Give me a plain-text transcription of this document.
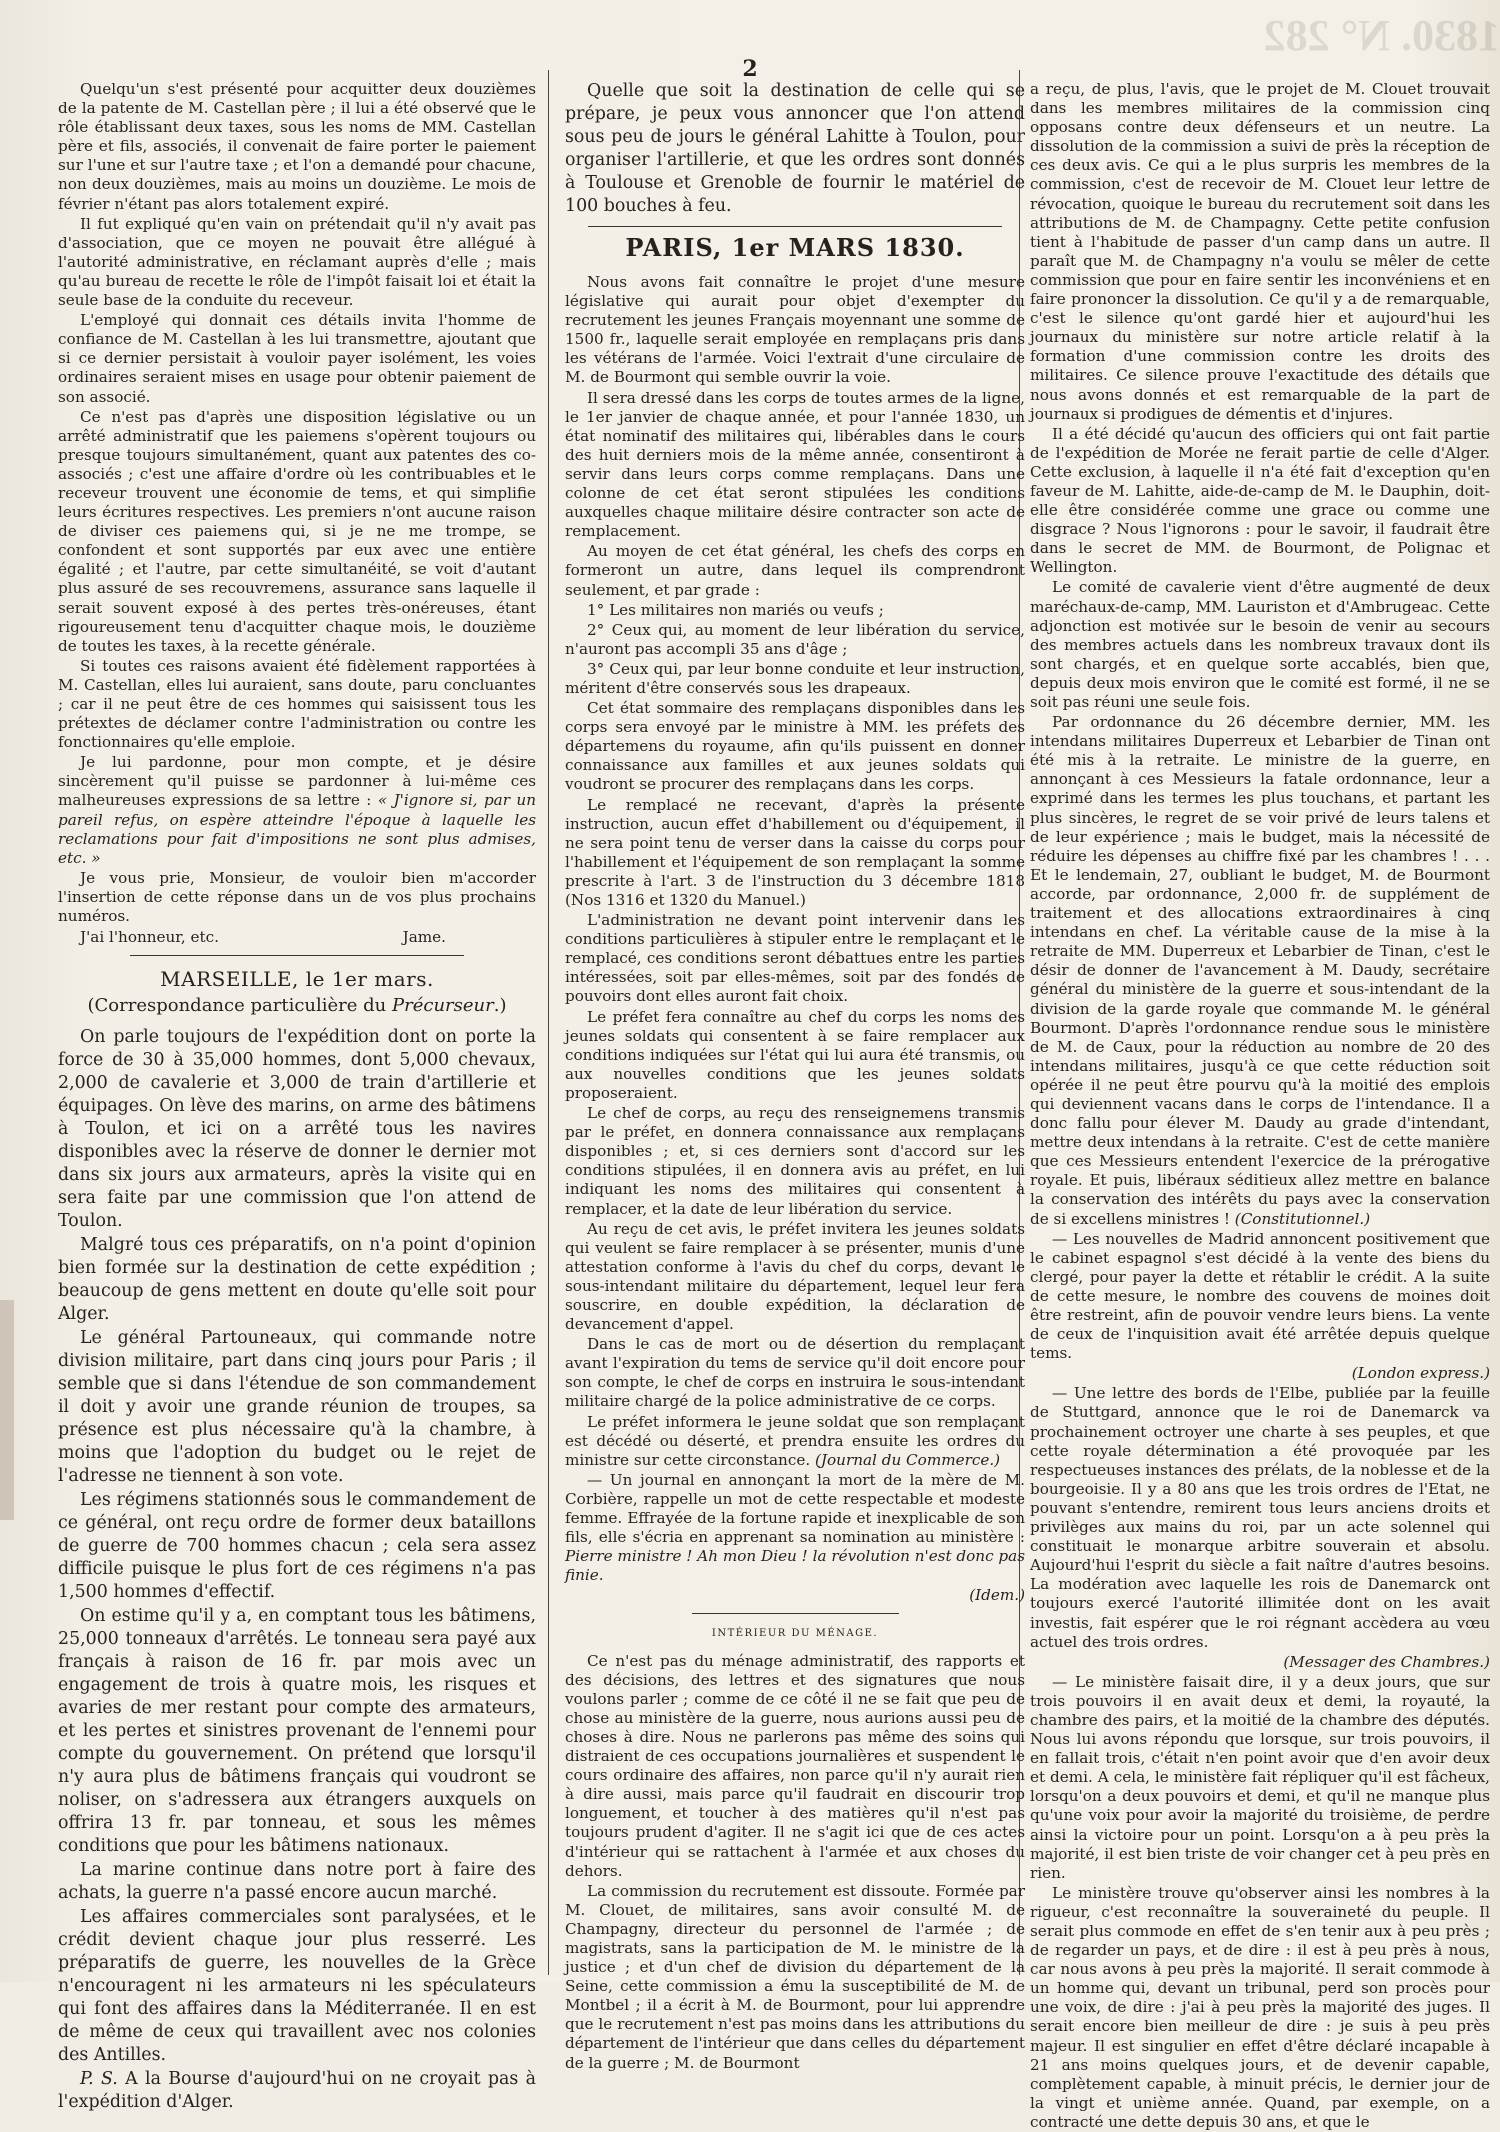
1830. N° 282
2

Quelqu'un s'est présenté pour acquitter deux douzièmes de la patente de M. Castellan père ; il lui a été observé que le rôle établissant deux taxes, sous les noms de MM. Castellan père et fils, associés, il convenait de faire porter le paiement sur l'une et sur l'autre taxe ; et l'on a demandé pour chacune, non deux douzièmes, mais au moins un douzième. Le mois de février n'étant pas alors totalement expiré.

Il fut expliqué qu'en vain on prétendait qu'il n'y avait pas d'association, que ce moyen ne pouvait être allégué à l'autorité administrative, en réclamant auprès d'elle ; mais qu'au bureau de recette le rôle de l'impôt faisait loi et était la seule base de la conduite du receveur.

L'employé qui donnait ces détails invita l'homme de confiance de M. Castellan à les lui transmettre, ajoutant que si ce dernier persistait à vouloir payer isolément, les voies ordinaires seraient mises en usage pour obtenir paiement de son associé.

Ce n'est pas d'après une disposition législative ou un arrêté administratif que les paiemens s'opèrent toujours ou presque toujours simultanément, quant aux patentes des co-associés ; c'est une affaire d'ordre où les contribuables et le receveur trouvent une économie de tems, et qui simplifie leurs écritures respectives. Les premiers n'ont aucune raison de diviser ces paiemens qui, si je ne me trompe, se confondent et sont supportés par eux avec une entière égalité ; et l'autre, par cette simultanéité, se voit d'autant plus assuré de ses recouvremens, assurance sans laquelle il serait souvent exposé à des pertes très-onéreuses, étant rigoureusement tenu d'acquitter chaque mois, le douzième de toutes les taxes, à la recette générale.

Si toutes ces raisons avaient été fidèlement rapportées à M. Castellan, elles lui auraient, sans doute, paru concluantes ; car il ne peut être de ces hommes qui saisissent tous les prétextes de déclamer contre l'administration ou contre les fonctionnaires qu'elle emploie.

Je lui pardonne, pour mon compte, et je désire sincèrement qu'il puisse se pardonner à lui-même ces malheureuses expressions de sa lettre : « J'ignore si, par un pareil refus, on espère atteindre l'époque à laquelle les reclamations pour fait d'impositions ne sont plus admises, etc. »

Je vous prie, Monsieur, de vouloir bien m'accorder l'insertion de cette réponse dans un de vos plus prochains numéros.

Jame.
J'ai l'honneur, etc.

MARSEILLE, le 1er mars.

(Correspondance particulière du Précurseur.)

On parle toujours de l'expédition dont on porte la force de 30 à 35,000 hommes, dont 5,000 chevaux, 2,000 de cavalerie et 3,000 de train d'artillerie et équipages. On lève des marins, on arme des bâtimens à Toulon, et ici on a arrêté tous les navires disponibles avec la réserve de donner le dernier mot dans six jours aux armateurs, après la visite qui en sera faite par une commission que l'on attend de Toulon.

Malgré tous ces préparatifs, on n'a point d'opinion bien formée sur la destination de cette expédition ; beaucoup de gens mettent en doute qu'elle soit pour Alger.

Le général Partouneaux, qui commande notre division militaire, part dans cinq jours pour Paris ; il semble que si dans l'étendue de son commandement il doit y avoir une grande réunion de troupes, sa présence est plus nécessaire qu'à la chambre, à moins que l'adoption du budget ou le rejet de l'adresse ne tiennent à son vote.

Les régimens stationnés sous le commandement de ce général, ont reçu ordre de former deux bataillons de guerre de 700 hommes chacun ; cela sera assez difficile puisque le plus fort de ces régimens n'a pas 1,500 hommes d'effectif.

On estime qu'il y a, en comptant tous les bâtimens, 25,000 tonneaux d'arrêtés. Le tonneau sera payé aux français à raison de 16 fr. par mois avec un engagement de trois à quatre mois, les risques et avaries de mer restant pour compte des armateurs, et les pertes et sinistres provenant de l'ennemi pour compte du gouvernement. On prétend que lorsqu'il n'y aura plus de bâtimens français qui voudront se noliser, on s'adressera aux étrangers auxquels on offrira 13 fr. par tonneau, et sous les mêmes conditions que pour les bâtimens nationaux.

La marine continue dans notre port à faire des achats, la guerre n'a passé encore aucun marché.

Les affaires commerciales sont paralysées, et le crédit devient chaque jour plus resserré. Les préparatifs de guerre, les nouvelles de la Grèce n'encouragent ni les armateurs ni les spéculateurs qui font des affaires dans la Méditerranée. Il en est de même de ceux qui travaillent avec nos colonies des Antilles.

P. S. A la Bourse d'aujourd'hui on ne croyait pas à l'expédition d'Alger.

Quelle que soit la destination de celle qui se prépare, je peux vous annoncer que l'on attend sous peu de jours le général Lahitte à Toulon, pour organiser l'artillerie, et que les ordres sont donnés à Toulouse et Grenoble de fournir le matériel de 100 bouches à feu.

PARIS, 1er MARS 1830.

Nous avons fait connaître le projet d'une mesure législative qui aurait pour objet d'exempter du recrutement les jeunes Français moyennant une somme de 1500 fr., laquelle serait employée en remplaçans pris dans les vétérans de l'armée. Voici l'extrait d'une circulaire de M. de Bourmont qui semble ouvrir la voie.

Il sera dressé dans les corps de toutes armes de la ligne, le 1er janvier de chaque année, et pour l'année 1830, un état nominatif des militaires qui, libérables dans le cours des huit derniers mois de la même année, consentiront à servir dans leurs corps comme remplaçans. Dans une colonne de cet état seront stipulées les conditions auxquelles chaque militaire désire contracter son acte de remplacement.

Au moyen de cet état général, les chefs des corps en formeront un autre, dans lequel ils comprendront seulement, et par grade :

1° Les militaires non mariés ou veufs ;

2° Ceux qui, au moment de leur libération du service, n'auront pas accompli 35 ans d'âge ;

3° Ceux qui, par leur bonne conduite et leur instruction, méritent d'être conservés sous les drapeaux.

Cet état sommaire des remplaçans disponibles dans les corps sera envoyé par le ministre à MM. les préfets des départemens du royaume, afin qu'ils puissent en donner connaissance aux familles et aux jeunes soldats qui voudront se procurer des remplaçans dans les corps.

Le remplacé ne recevant, d'après la présente instruction, aucun effet d'habillement ou d'équipement, il ne sera point tenu de verser dans la caisse du corps pour l'habillement et l'équipement de son remplaçant la somme prescrite à l'art. 3 de l'instruction du 3 décembre 1818 (Nos 1316 et 1320 du Manuel.)

L'administration ne devant point intervenir dans les conditions particulières à stipuler entre le remplaçant et le remplacé, ces conditions seront débattues entre les parties intéressées, soit par elles-mêmes, soit par des fondés de pouvoirs dont elles auront fait choix.

Le préfet fera connaître au chef du corps les noms des jeunes soldats qui consentent à se faire remplacer aux conditions indiquées sur l'état qui lui aura été transmis, ou aux nouvelles conditions que les jeunes soldats proposeraient.

Le chef de corps, au reçu des renseignemens transmis par le préfet, en donnera connaissance aux remplaçans disponibles ; et, si ces derniers sont d'accord sur les conditions stipulées, il en donnera avis au préfet, en lui indiquant les noms des militaires qui consentent à remplacer, et la date de leur libération du service.

Au reçu de cet avis, le préfet invitera les jeunes soldats qui veulent se faire remplacer à se présenter, munis d'une attestation conforme à l'avis du chef du corps, devant le sous-intendant militaire du département, lequel leur fera souscrire, en double expédition, la déclaration de devancement d'appel.

Dans le cas de mort ou de désertion du remplaçant avant l'expiration du tems de service qu'il doit encore pour son compte, le chef de corps en instruira le sous-intendant militaire chargé de la police administrative de ce corps.

Le préfet informera le jeune soldat que son remplaçant est décédé ou déserté, et prendra ensuite les ordres du ministre sur cette circonstance. (Journal du Commerce.)

— Un journal en annonçant la mort de la mère de M. Corbière, rappelle un mot de cette respectable et modeste femme. Effrayée de la fortune rapide et inexplicable de son fils, elle s'écria en apprenant sa nomination au ministère : Pierre ministre ! Ah mon Dieu ! la révolution n'est donc pas finie.

(Idem.)

INTÉRIEUR DU MÉNAGE.

Ce n'est pas du ménage administratif, des rapports et des décisions, des lettres et des signatures que nous voulons parler ; comme de ce côté il ne se fait que peu de chose au ministère de la guerre, nous aurions aussi peu de choses à dire. Nous ne parlerons pas même des soins qui distraient de ces occupations journalières et suspendent le cours ordinaire des affaires, non parce qu'il n'y aurait rien à dire aussi, mais parce qu'il faudrait en discourir trop longuement, et toucher à des matières qu'il n'est pas toujours prudent d'agiter. Il ne s'agit ici que de ces actes d'intérieur qui se rattachent à l'armée et aux choses du dehors.

La commission du recrutement est dissoute. Formée par M. Clouet, de militaires, sans avoir consulté M. de Champagny, directeur du personnel de l'armée ; de magistrats, sans la participation de M. le ministre de la justice ; et d'un chef de division du département de la Seine, cette commission a ému la susceptibilité de M. de Montbel ; il a écrit à M. de Bourmont, pour lui apprendre que le recrutement n'est pas moins dans les attributions du département de l'intérieur que dans celles du département de la guerre ; M. de Bourmont

a reçu, de plus, l'avis, que le projet de M. Clouet trouvait dans les membres militaires de la commission cinq opposans contre deux défenseurs et un neutre. La dissolution de la commission a suivi de près la réception de ces deux avis. Ce qui a le plus surpris les membres de la commission, c'est de recevoir de M. Clouet leur lettre de révocation, quoique le bureau du recrutement soit dans les attributions de M. de Champagny. Cette petite confusion tient à l'habitude de passer d'un camp dans un autre. Il paraît que M. de Champagny n'a voulu se mêler de cette commission que pour en faire sentir les inconvéniens et en faire prononcer la dissolution. Ce qu'il y a de remarquable, c'est le silence qu'ont gardé hier et aujourd'hui les journaux du ministère sur notre article relatif à la formation d'une commission contre les droits des militaires. Ce silence prouve l'exactitude des détails que nous avons donnés et est remarquable de la part de journaux si prodigues de démentis et d'injures.

Il a été décidé qu'aucun des officiers qui ont fait partie de l'expédition de Morée ne ferait partie de celle d'Alger. Cette exclusion, à laquelle il n'a été fait d'exception qu'en faveur de M. Lahitte, aide-de-camp de M. le Dauphin, doit-elle être considérée comme une grace ou comme une disgrace ? Nous l'ignorons : pour le savoir, il faudrait être dans le secret de MM. de Bourmont, de Polignac et Wellington.

Le comité de cavalerie vient d'être augmenté de deux maréchaux-de-camp, MM. Lauriston et d'Ambrugeac. Cette adjonction est motivée sur le besoin de venir au secours des membres actuels dans les nombreux travaux dont ils sont chargés, et en quelque sorte accablés, bien que, depuis deux mois environ que le comité est formé, il ne se soit pas réuni une seule fois.

Par ordonnance du 26 décembre dernier, MM. les intendans militaires Duperreux et Lebarbier de Tinan ont été mis à la retraite. Le ministre de la guerre, en annonçant à ces Messieurs la fatale ordonnance, leur a exprimé dans les termes les plus touchans, et partant les plus sincères, le regret de se voir privé de leurs talens et de leur expérience ; mais le budget, mais la nécessité de réduire les dépenses au chiffre fixé par les chambres ! . . . Et le lendemain, 27, oubliant le budget, M. de Bourmont accorde, par ordonnance, 2,000 fr. de supplément de traitement et des allocations extraordinaires à cinq intendans en chef. La véritable cause de la mise à la retraite de MM. Duperreux et Lebarbier de Tinan, c'est le désir de donner de l'avancement à M. Daudy, secrétaire général du ministère de la guerre et sous-intendant de la division de la garde royale que commande M. le général Bourmont. D'après l'ordonnance rendue sous le ministère de M. de Caux, pour la réduction au nombre de 20 des intendans militaires, jusqu'à ce que cette réduction soit opérée il ne peut être pourvu qu'à la moitié des emplois qui deviennent vacans dans le corps de l'intendance. Il a donc fallu pour élever M. Daudy au grade d'intendant, mettre deux intendans à la retraite. C'est de cette manière que ces Messieurs entendent l'exercice de la prérogative royale. Et puis, libéraux séditieux allez mettre en balance la conservation des intérêts du pays avec la conservation de si excellens ministres ! (Constitutionnel.)

— Les nouvelles de Madrid annoncent positivement que le cabinet espagnol s'est décidé à la vente des biens du clergé, pour payer la dette et rétablir le crédit. A la suite de cette mesure, le nombre des couvens de moines doit être restreint, afin de pouvoir vendre leurs biens. La vente de ceux de l'inquisition avait été arrêtée depuis quelque tems.

(London express.)

— Une lettre des bords de l'Elbe, publiée par la feuille de Stuttgard, annonce que le roi de Danemarck va prochainement octroyer une charte à ses peuples, et que cette royale détermination a été provoquée par les respectueuses instances des prélats, de la noblesse et de la bourgeoisie. Il y a 80 ans que les trois ordres de l'Etat, ne pouvant s'entendre, remirent tous leurs anciens droits et privilèges aux mains du roi, par un acte solennel qui constituait le monarque arbitre souverain et absolu. Aujourd'hui l'esprit du siècle a fait naître d'autres besoins. La modération avec laquelle les rois de Danemarck ont toujours exercé l'autorité illimitée dont on les avait investis, fait espérer que le roi régnant accèdera au vœu actuel des trois ordres.

(Messager des Chambres.)

— Le ministère faisait dire, il y a deux jours, que sur trois pouvoirs il en avait deux et demi, la royauté, la chambre des pairs, et la moitié de la chambre des députés. Nous lui avons répondu que lorsque, sur trois pouvoirs, il en fallait trois, c'était n'en point avoir que d'en avoir deux et demi. A cela, le ministère fait répliquer qu'il est fâcheux, lorsqu'on a deux pouvoirs et demi, et qu'il ne manque plus qu'une voix pour avoir la majorité du troisième, de perdre ainsi la victoire pour un point. Lorsqu'on a à peu près la majorité, il est bien triste de voir changer cet à peu près en rien.

Le ministère trouve qu'observer ainsi les nombres à la rigueur, c'est reconnaître la souveraineté du peuple. Il serait plus commode en effet de s'en tenir aux à peu près ; de regarder un pays, et de dire : il est à peu près à nous, car nous avons à peu près la majorité. Il serait commode à un homme qui, devant un tribunal, perd son procès pour une voix, de dire : j'ai à peu près la majorité des juges. Il serait encore bien meilleur de dire : je suis à peu près majeur. Il est singulier en effet d'être déclaré incapable à 21 ans moins quelques jours, et de devenir capable, complètement capable, à minuit précis, le dernier jour de la vingt et unième année. Quand, par exemple, on a contracté une dette depuis 30 ans, et que le
